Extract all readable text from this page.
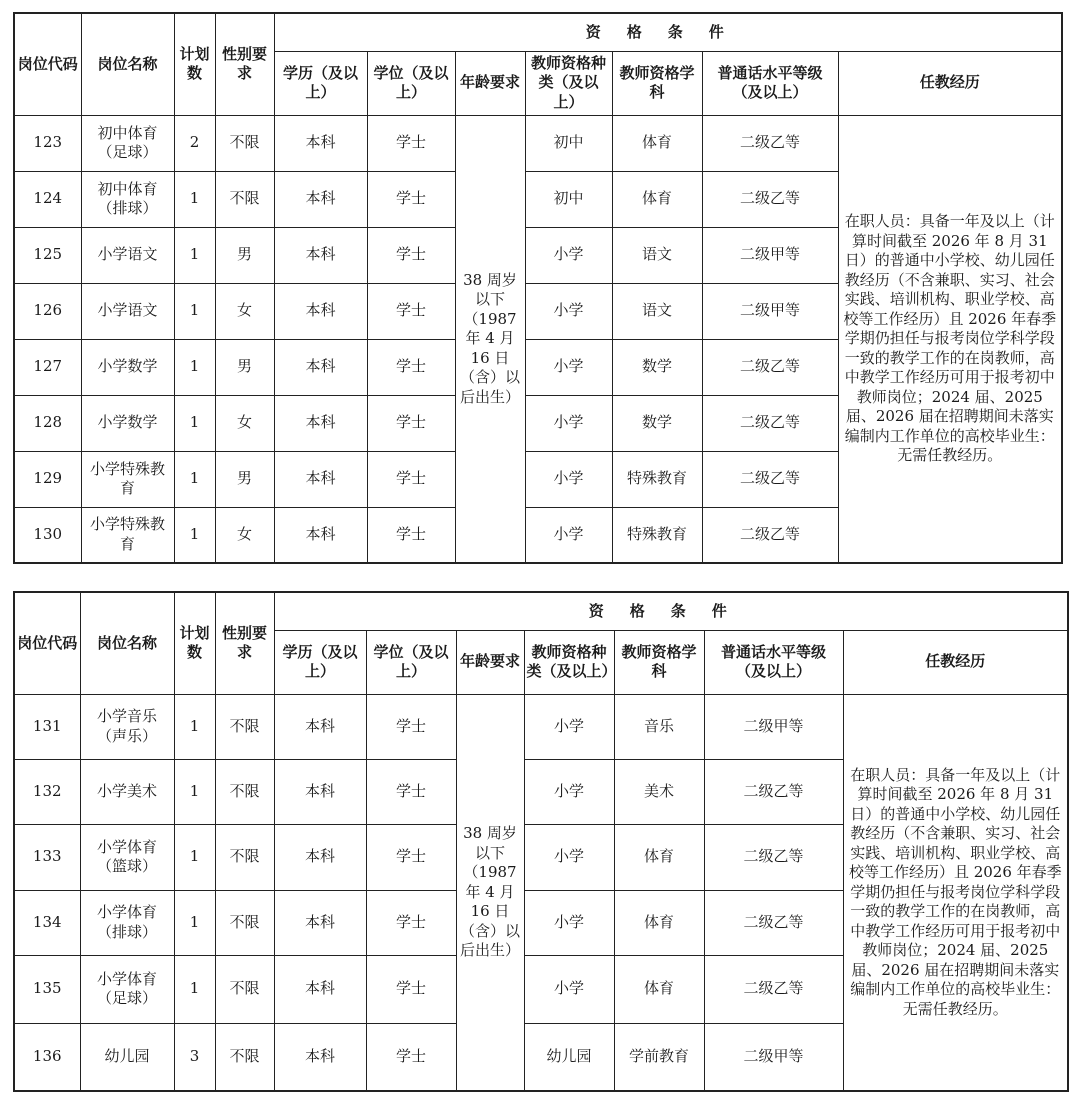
岗位代码	岗位名称	计划数	性别要求	资格条件						
				学历（及以上）	学位（及以上）	年龄要求	教师资格种类（及以上）	教师资格学科	普通话水平等级（及以上）	任教经历
123	初中体育（足球）	2	不限	本科	学士	38 周岁以下（1987 年 4 月 16 日（含）以后出生）	初中	体育	二级乙等	在职人员：具备一年及以上（计算时间截至 2026 年 8 月 31 日）的普通中小学校、幼儿园任教经历（不含兼职、实习、社会实践、培训机构、职业学校、高校等工作经历）且 2026 年春季学期仍担任与报考岗位学科学段一致的教学工作的在岗教师，高中教学工作经历可用于报考初中教师岗位；2024 届、2025 届、2026 届在招聘期间未落实编制内工作单位的高校毕业生：无需任教经历。
124	初中体育（排球）	1	不限	本科	学士		初中	体育	二级乙等	
125	小学语文	1	男	本科	学士		小学	语文	二级甲等	
126	小学语文	1	女	本科	学士		小学	语文	二级甲等	
127	小学数学	1	男	本科	学士		小学	数学	二级乙等	
128	小学数学	1	女	本科	学士		小学	数学	二级乙等	
129	小学特殊教育	1	男	本科	学士		小学	特殊教育	二级乙等	
130	小学特殊教育	1	女	本科	学士		小学	特殊教育	二级乙等	
岗位代码	岗位名称	计划数	性别要求	资格条件						
				学历（及以上）	学位（及以上）	年龄要求	教师资格种类（及以上）	教师资格学科	普通话水平等级（及以上）	任教经历
131	小学音乐（声乐）	1	不限	本科	学士	38 周岁以下（1987 年 4 月 16 日（含）以后出生）	小学	音乐	二级甲等	在职人员：具备一年及以上（计算时间截至 2026 年 8 月 31 日）的普通中小学校、幼儿园任教经历（不含兼职、实习、社会实践、培训机构、职业学校、高校等工作经历）且 2026 年春季学期仍担任与报考岗位学科学段一致的教学工作的在岗教师，高中教学工作经历可用于报考初中教师岗位；2024 届、2025 届、2026 届在招聘期间未落实编制内工作单位的高校毕业生：无需任教经历。
132	小学美术	1	不限	本科	学士		小学	美术	二级乙等	
133	小学体育（篮球）	1	不限	本科	学士		小学	体育	二级乙等	
134	小学体育（排球）	1	不限	本科	学士		小学	体育	二级乙等	
135	小学体育（足球）	1	不限	本科	学士		小学	体育	二级乙等	
136	幼儿园	3	不限	本科	学士		幼儿园	学前教育	二级甲等	
